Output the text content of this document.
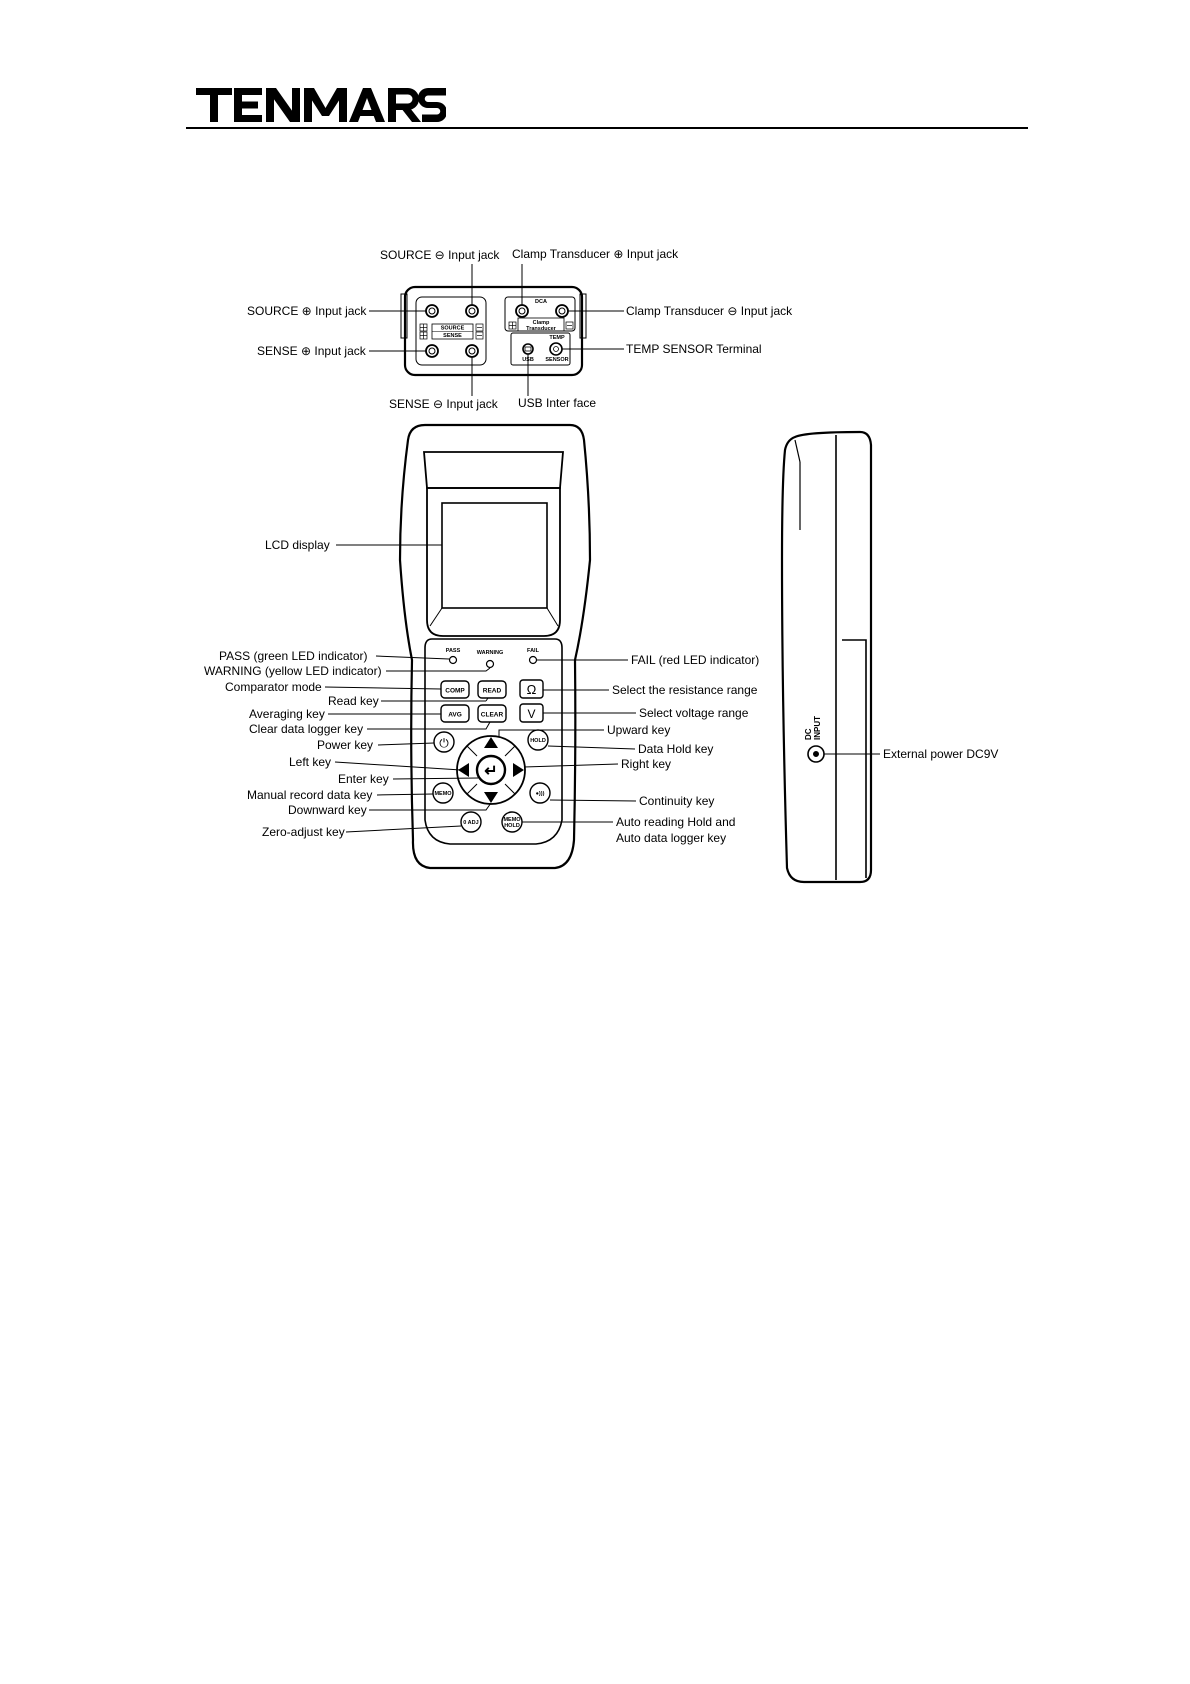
SOURCE
SENSE
DCA
Clamp
Transducer
TEMP
SENSOR
USB
SOURCE ⊖ Input jack Clamp Transducer ⊕ Input jack
SOURCE ⊕ Input jack	Clamp Transducer ⊖ Input jack
SENSE ⊕ Input jack	TEMP SENSOR Terminal
SENSE ⊖ Input jack USB Inter face
PASS	WARNING	FAIL
COMP	READ Ω
AVG	CLEAR V
↵
⏻	HOLD
MEMO	●)))
0 ADJ	MEMO
HOLD
LCD display
PASS (green LED indicator)
WARNING (yellow LED indicator)
Comparator mode
Read key
Averaging key
Clear data logger key
Power key
Left key
Enter key
Manual record data key
Downward key
Zero-adjust key
FAIL (red LED indicator)
Select the resistance range
Select voltage range
Upward key
Data Hold key
Right key
Continuity key
Auto reading Hold and
Auto data logger key
DC INPUT
External power DC9V
